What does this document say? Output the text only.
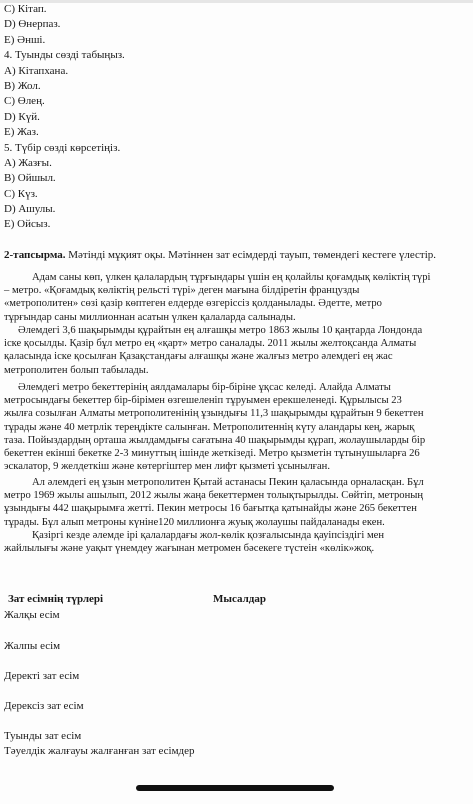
C) Кітап.
D) Өнерпаз.
E) Әнші.
4. Туынды сөзді табыңыз.
A) Кітапхана.
B) Жол.
C) Өлең.
D) Күй.
E) Жаз.
5. Түбір сөзді көрсетіңіз.
A) Жазғы.
B) Ойшыл.
C) Күз.
D) Ашулы.
E) Ойсыз.
2-тапсырма. Мәтінді мұқият оқы. Мәтіннен зат есімдерді тауып, төмендегі кестеге үлестір.
Адам саны көп, үлкен қалалардың тұрғындары үшін ең қолайлы қоғамдық көліктің түрі
– метро. «Қоғамдық көліктің рельсті түрі» деген мағына білдіретін французды
«метрополитен» сөзі қазір көптеген елдерде өзгеріссіз қолданылады. Әдетте, метро
тұрғындар саны миллионнан асатын үлкен қалаларда салынады.
Әлемдегі 3,6 шақырымды құрайтын ең алғашқы метро 1863 жылы 10 қаңтарда Лондонда
іске қосылды. Қазір бұл метро ең «қарт» метро саналады. 2011 жылы желтоқсанда Алматы
қаласында іске қосылған Қазақстандағы алғашқы және жалғыз метро әлемдегі ең жас
метрополитен болып табылады.
Әлемдегі метро бекеттерінің аялдамалары бір-біріне ұқсас келеді. Алайда Алматы
метросындағы бекеттер бір-бірімен өзгешеленіп тұруымен ерекшеленеді. Құрылысы 23
жылға созылған Алматы метрополитенінің ұзындығы 11,3 шақырымды құрайтын 9 бекеттен
тұрады және 40 метрлік тереңдікте салынған. Метрополитеннің күту аландары кең, жарық
таза. Пойыздардың орташа жылдамдығы сағатына 40 шақырымды құрап, жолаушыларды бір
бекеттен екінші бекетке 2-3 минуттың ішінде жеткізеді. Метро қызметін тұтынушыларға 26
эскалатор, 9 желдеткіш және көтергіштер мен лифт қызметі ұсынылған.
Ал әлемдегі ең ұзын метрополитен Қытай астанасы Пекин қаласында орналасқан. Бұл
метро 1969 жылы ашылып, 2012 жылы жаңа бекеттермен толықтырылды. Сөйтіп, метроның
ұзындығы 442 шақырымға жетті. Пекин метросы 16 бағытқа қатынайды және 265 бекеттен
тұрады. Бұл алып метроны күніне120 миллионға жуық жолаушы пайдаланады екен.
Қазіргі кезде әлемде ірі қалалардағы жол-көлік қозғалысында қауіпсіздігі мен
жайлылығы және уақыт үнемдеу жағынан метромен бәсекеге түстеін «көлік»жоқ.
Зат есімнің түрлері	Мысалдар
Жалқы есім
Жалпы есім
Деректі зат есім
Дерексіз зат есім
Туынды зат есім
Тәуелдік жалғауы жалғанған зат есімдер
